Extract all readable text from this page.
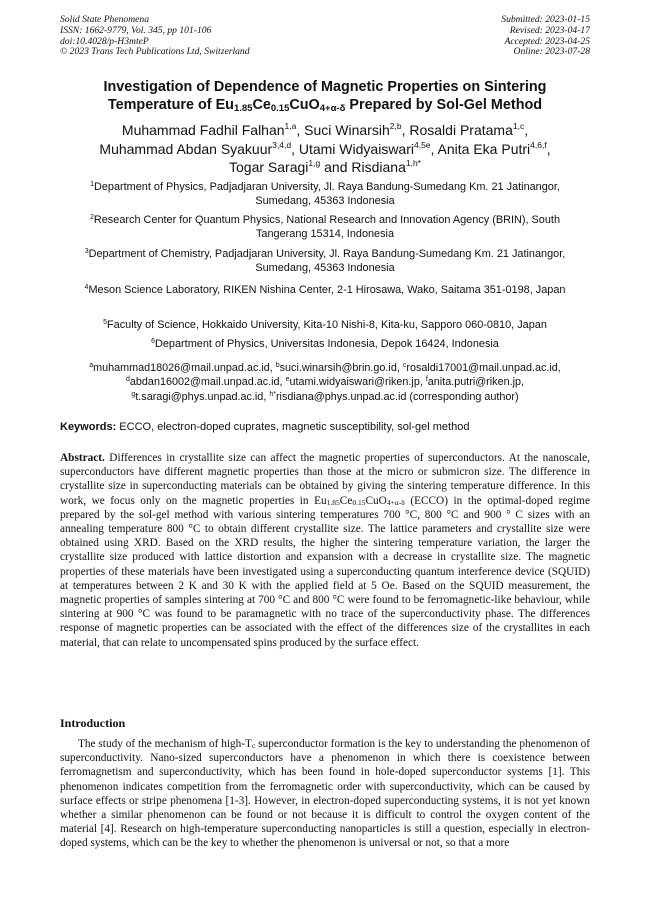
Solid State Phenomena
ISSN: 1662-9779, Vol. 345, pp 101-106
doi:10.4028/p-H3mteP
© 2023 Trans Tech Publications Ltd, Switzerland
Submitted: 2023-01-15
Revised: 2023-04-17
Accepted: 2023-04-25
Online: 2023-07-28
Investigation of Dependence of Magnetic Properties on Sintering
Temperature of $Eu_{1.85}Ce_{0.15}CuO_{4+\alpha-\delta}$ Prepared by Sol-Gel Method
Muhammad Fadhil Falhan$^{1,a}$, Suci Winarsih$^{2,b}$, Rosaldi Pratama$^{1,c}$,
Muhammad Abdan Syakuur$^{3,4,d}$, Utami Widyaiswari$^{4,5e}$, Anita Eka Putri$^{4,6,f}$,
Togar Saragi$^{1,g}$ and Risdiana$^{1,h*}$
$^1$Department of Physics, Padjadjaran University, Jl. Raya Bandung-Sumedang Km. 21 Jatinangor, Sumedang, 45363 Indonesia
$^2$Research Center for Quantum Physics, National Research and Innovation Agency (BRIN), South Tangerang 15314, Indonesia
$^3$Department of Chemistry, Padjadjaran University, Jl. Raya Bandung-Sumedang Km. 21 Jatinangor, Sumedang, 45363 Indonesia
$^4$Meson Science Laboratory, RIKEN Nishina Center, 2-1 Hirosawa, Wako, Saitama 351-0198, Japan
$^5$Faculty of Science, Hokkaido University, Kita-10 Nishi-8, Kita-ku, Sapporo 060-0810, Japan
$^6$Department of Physics, Universitas Indonesia, Depok 16424, Indonesia
$^a$muhammad18026@mail.unpad.ac.id, $^b$suci.winarsih@brin.go.id, $^c$rosaldi17001@mail.unpad.ac.id,
$^d$abdan16002@mail.unpad.ac.id, $^e$utami.widyaiswari@riken.jp, $^f$anita.putri@riken.jp,
$^g$t.saragi@phys.unpad.ac.id, $^{h*}$risdiana@phys.unpad.ac.id (corresponding author)
Keywords: ECCO, electron-doped cuprates, magnetic susceptibility, sol-gel method
Abstract. Differences in crystallite size can affect the magnetic properties of superconductors. At the nanoscale, superconductors have different magnetic properties than those at the micro or submicron size. The difference in crystallite size in superconducting materials can be obtained by giving the sintering temperature difference. In this work, we focus only on the magnetic properties in $Eu_{1.85}Ce_{0.15}CuO_{4+\alpha-\delta}$ (ECCO) in the optimal-doped regime prepared by the sol-gel method with various sintering temperatures 700 °C, 800 °C and 900 ° C sizes with an annealing temperature 800 °C to obtain different crystallite size. The lattice parameters and crystallite size were obtained using XRD. Based on the XRD results, the higher the sintering temperature variation, the larger the crystallite size produced with lattice distortion and expansion with a decrease in crystallite size. The magnetic properties of these materials have been investigated using a superconducting quantum interference device (SQUID) at temperatures between 2 K and 30 K with the applied field at 5 Oe. Based on the SQUID measurement, the magnetic properties of samples sintering at 700 °C and 800 °C were found to be ferromagnetic-like behaviour, while sintering at 900 °C was found to be paramagnetic with no trace of the superconductivity phase. The differences response of magnetic properties can be associated with the effect of the differences size of the crystallites in each material, that can relate to uncompensated spins produced by the surface effect.
Introduction
The study of the mechanism of high-$T_c$ superconductor formation is the key to understanding the phenomenon of superconductivity. Nano-sized superconductors have a phenomenon in which there is coexistence between ferromagnetism and superconductivity, which has been found in hole-doped superconductor systems [1]. This phenomenon indicates competition from the ferromagnetic order with superconductivity, which can be caused by surface effects or stripe phenomena [1-3]. However, in electron-doped superconducting systems, it is not yet known whether a similar phenomenon can be found or not because it is difficult to control the oxygen content of the material [4]. Research on high-temperature superconducting nanoparticles is still a question, especially in electron-doped systems, which can be the key to whether the phenomenon is universal or not, so that a more
